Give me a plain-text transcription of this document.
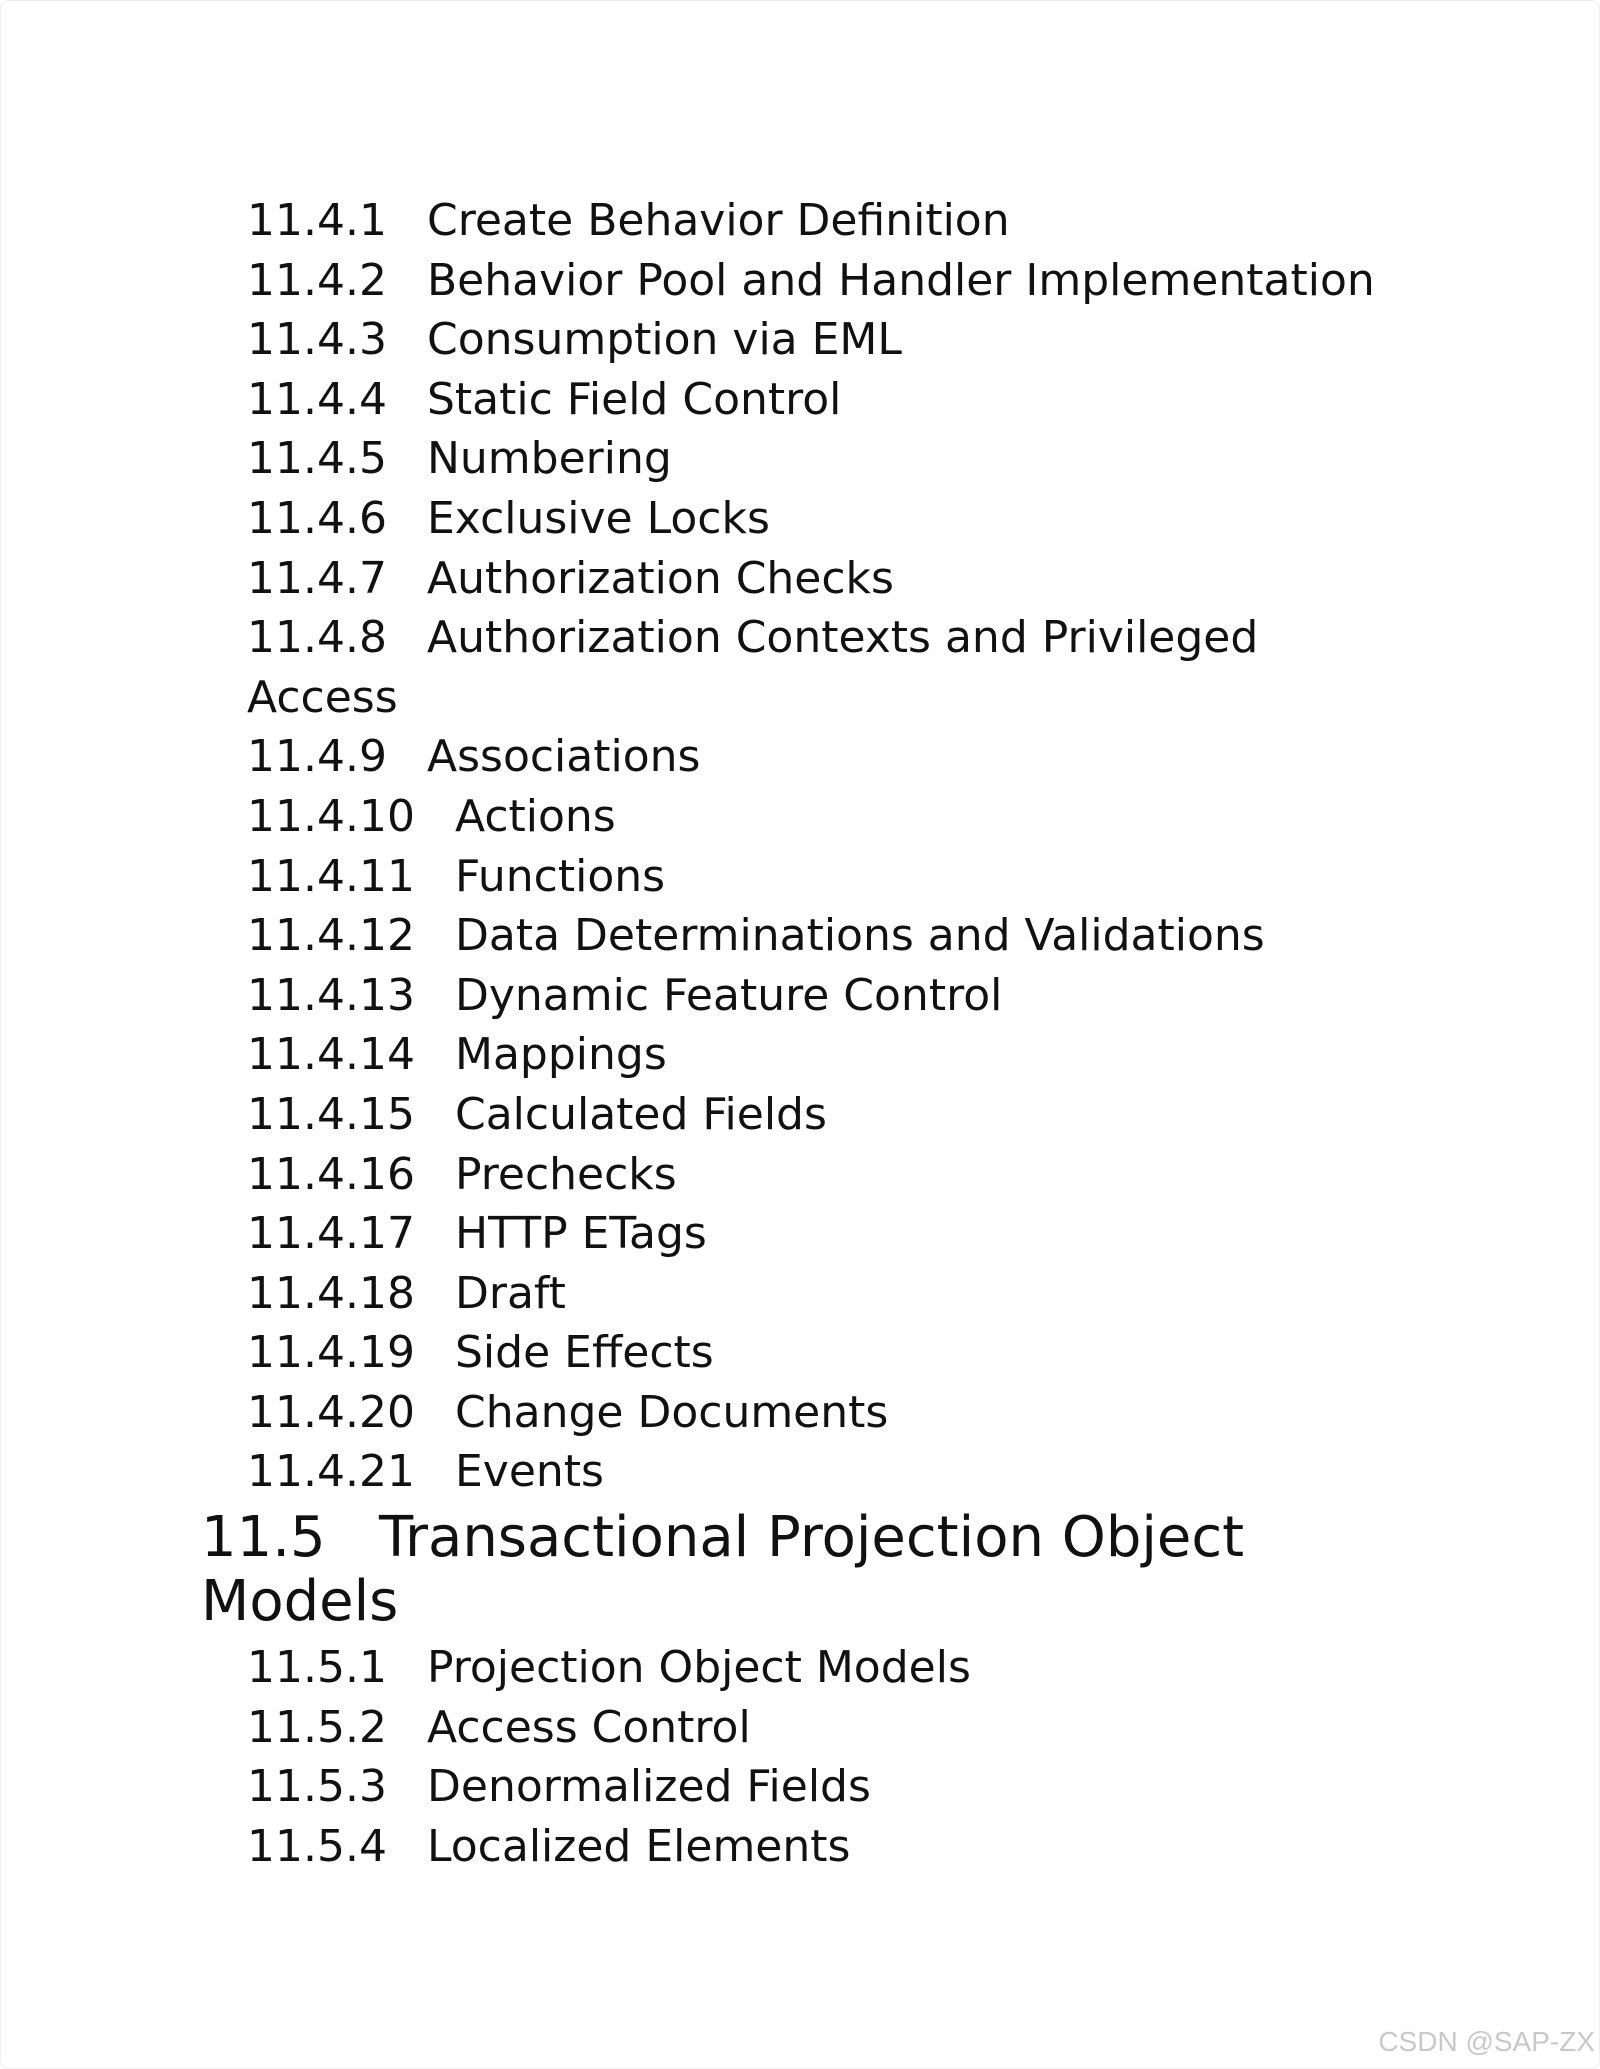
11.4.1 Create Behavior Definition
11.4.2 Behavior Pool and Handler Implementation
11.4.3 Consumption via EML
11.4.4 Static Field Control
11.4.5 Numbering
11.4.6 Exclusive Locks
11.4.7 Authorization Checks
11.4.8 Authorization Contexts and Privileged Access
11.4.9 Associations
11.4.10 Actions
11.4.11 Functions
11.4.12 Data Determinations and Validations
11.4.13 Dynamic Feature Control
11.4.14 Mappings
11.4.15 Calculated Fields
11.4.16 Prechecks
11.4.17 HTTP ETags
11.4.18 Draft
11.4.19 Side Effects
11.4.20 Change Documents
11.4.21 Events
11.5 Transactional Projection Object Models
11.5.1 Projection Object Models
11.5.2 Access Control
11.5.3 Denormalized Fields
11.5.4 Localized Elements
CSDN @SAP-ZX
